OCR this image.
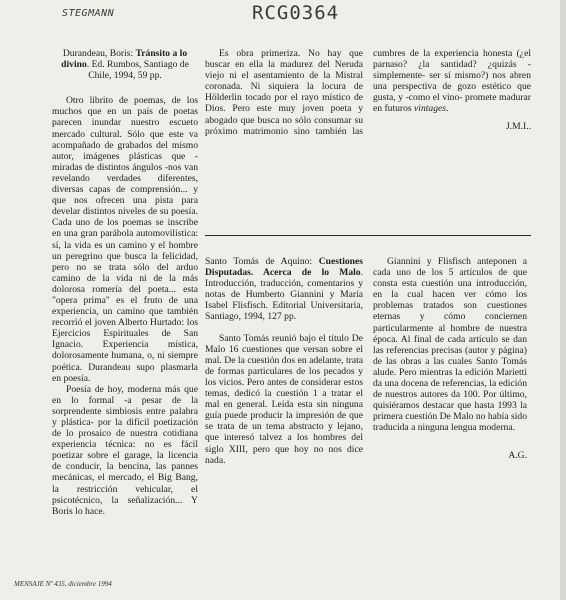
STEGMANN	RCG0364

Durandeau, Boris: Tránsito a lo divino. Ed. Rumbos, Santiago de Chile, 1994, 59 pp.

Otro librito de poemas, de los muchos que en un país de poetas parecen inundar nuestro escueto mercado cultural. Sólo que este va acompañado de grabados del mismo autor, imágenes plásticas que -miradas de distintos ángulos -nos van revelando verdades diferentes, diversas capas de comprensión... y que nos ofrecen una pista para develar distintos niveles de su poesía. Cada uno de los poemas se inscribe en una gran parábola automovilística: sí, la vida es un camino y el hombre un peregrino que busca la felicidad, pero no se trata sólo del arduo camino de la vida ni de la más dolorosa romería del poeta... esta "opera prima" es el fruto de una experiencia, un camino que también recorrió el joven Alberto Hurtado: los Ejercicios Espirituales de San Ignacio. Experiencia mística, dolorosamente humana, o, ni siempre poética. Durandeau supo plasmarla en poesía.

Poesía de hoy, moderna más que en lo formal -a pesar de la sorprendente simbiosis entre palabra y plástica- por la difícil poetización de lo prosaico de nuestra cotidiana experiencia técnica: no es fácil poetizar sobre el garage, la licencia de conducir, la bencina, las pannes mecánicas, el mercado, el Big Bang, la restricción vehicular, el psicotécnico, la señalización... Y Boris lo hace.

Es obra primeriza. No hay que buscar en ella la madurez del Neruda viejo ni el asentamiento de la Mistral coronada. Ni siquiera la locura de Hölderlin tocado por el rayo místico de Dios. Pero este muy joven poeta y abogado que busca no sólo consumar su próximo matrimonio sino también las cumbres de la experiencia honesta (¿el parnaso? ¿la santidad? ¿quizás -simplemente- ser sí mismo?) nos abren una perspectiva de gozo estético que gusta, y -como el vino- promete madurar en futuros vintages.

J.M.I..

Santo Tomás de Aquino: Cuestiones Disputadas. Acerca de lo Malo. Introducción, traducción, comentarios y notas de Humberto Giannini y María Isabel Flisfisch. Editorial Universitaria, Santiago, 1994, 127 pp.

Santo Tomás reunió bajo el título De Malo 16 cuestiones que versan sobre el mal. De la cuestión dos en adelante, trata de formas particulares de los pecados y los vicios. Pero antes de considerar estos temas, dedicó la cuestión 1 a tratar el mal en general. Leída esta sin ninguna guía puede producir la impresión de que se trata de un tema abstracto y lejano, que interesó talvez a los hombres del siglo XIII, pero que hoy no nos dice nada.

Giannini y Flisfisch anteponen a cada uno de los 5 artículos de que consta esta cuestión una introducción, en la cual hacen ver cómo los problemas tratados son cuestiones eternas y cómo conciernen particularmente al hombre de nuestra época. Al final de cada artículo se dan las referencias precisas (autor y página) de las obras a las cuales Santo Tomás alude. Pero mientras la edición Marietti da una docena de referencias, la edición de nuestros autores da 100. Por último, quisiéramos destacar que hasta 1993 la primera cuestión De Malo no había sido traducida a ninguna lengua moderna.

A.G.

MENSAJE Nº 435, diciembre 1994
